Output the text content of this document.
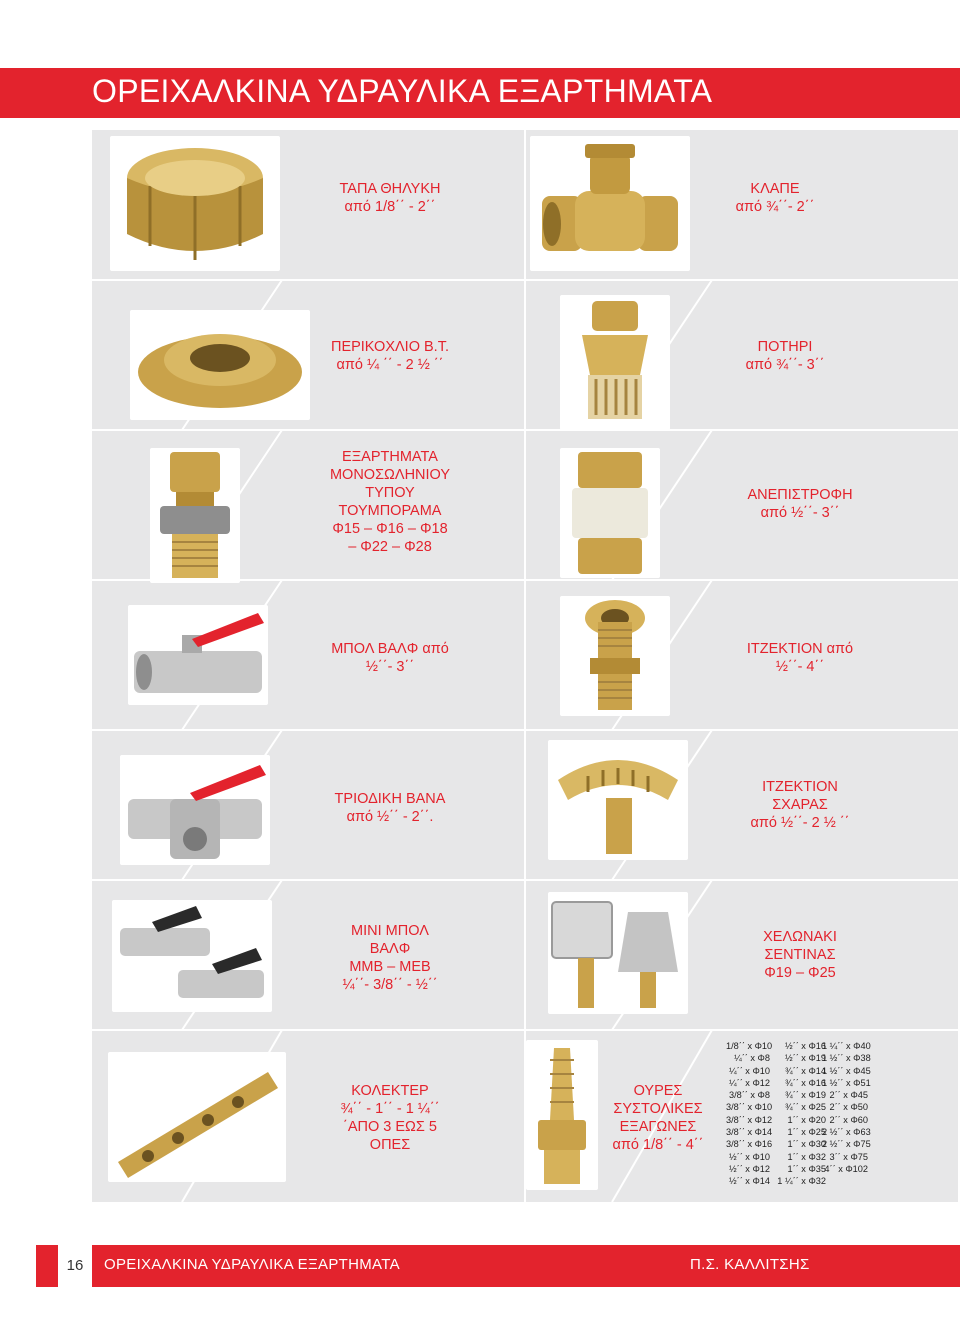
ΟΡΕΙΧΑΛΚΙΝΑ ΥΔΡΑΥΛΙΚΑ ΕΞΑΡΤΗΜΑΤΑ
ΤΑΠΑ ΘΗΛΥΚΗ
από 1/8΄΄ - 2΄΄
ΚΛΑΠΕ
από ¾΄΄- 2΄΄
ΠΕΡΙΚΟΧΛΙΟ Β.Τ.
από ¼ ΄΄ - 2 ½ ΄΄
ΠΟΤΗΡΙ
από ¾΄΄- 3΄΄
ΕΞΑΡΤΗΜΑΤΑ
ΜΟΝΟΣΩΛΗΝΙΟΥ
ΤΥΠΟΥ
ΤΟΥΜΠΟΡΑΜΑ
Φ15 – Φ16 – Φ18
– Φ22 – Φ28
ΑΝΕΠΙΣΤΡΟΦΗ
από ½΄΄- 3΄΄
ΜΠΟΛ ΒΑΛΦ από
½΄΄- 3΄΄
ΙΤΖΕΚΤΙΟΝ από
½΄΄- 4΄΄
ΤΡΙΟΔΙΚΗ ΒΑΝΑ
από ½΄΄ - 2΄΄.
ΙΤΖΕΚΤΙΟΝ
ΣΧΑΡΑΣ
από ½΄΄- 2 ½ ΄΄
ΜΙΝΙ ΜΠΟΛ
ΒΑΛΦ
ΜΜΒ – ΜΕΒ
¼΄΄- 3/8΄΄ - ½΄΄
ΧΕΛΩΝΑΚΙ
ΣΕΝΤΙΝΑΣ
Φ19 – Φ25
ΚΟΛΕΚΤΕΡ
¾΄΄ - 1΄΄ - 1 ¼΄΄
΄ΑΠΟ 3 ΕΩΣ 5
ΟΠΕΣ
ΟΥΡΕΣ
ΣΥΣΤΟΛΙΚΕΣ
ΕΞΑΓΩΝΕΣ
από 1/8΄΄ - 4΄΄
1/8΄΄ x Φ10
¼΄΄ x Φ8
¼΄΄ x Φ10
¼΄΄ x Φ12
3/8΄΄ x Φ8
3/8΄΄ x Φ10
3/8΄΄ x Φ12
3/8΄΄ x Φ14
3/8΄΄ x Φ16
½΄΄ x Φ10
½΄΄ x Φ12
½΄΄ x Φ14
½΄΄ x Φ16
½΄΄ x Φ19
¾΄΄ x Φ14
¾΄΄ x Φ16
¾΄΄ x Φ19
¾΄΄ x Φ25
1΄΄ x Φ20
1΄΄ x Φ25
1΄΄ x Φ30
1΄΄ x Φ32
1΄΄ x Φ35
1 ¼΄΄ x Φ32
1 ¼΄΄ x Φ40
1 ½΄΄ x Φ38
1 ½΄΄ x Φ45
1 ½΄΄ x Φ51
2΄΄ x Φ45
2΄΄ x Φ50
2΄΄ x Φ60
2 ½΄΄ x Φ63
2 ½΄΄ x Φ75
3΄΄ x Φ75
4΄΄ x Φ102
16	ΟΡΕΙΧΑΛΚΙΝΑ ΥΔΡΑΥΛΙΚΑ ΕΞΑΡΤΗΜΑΤΑ	Π.Σ. ΚΑΛΛΙΤΣΗΣ
